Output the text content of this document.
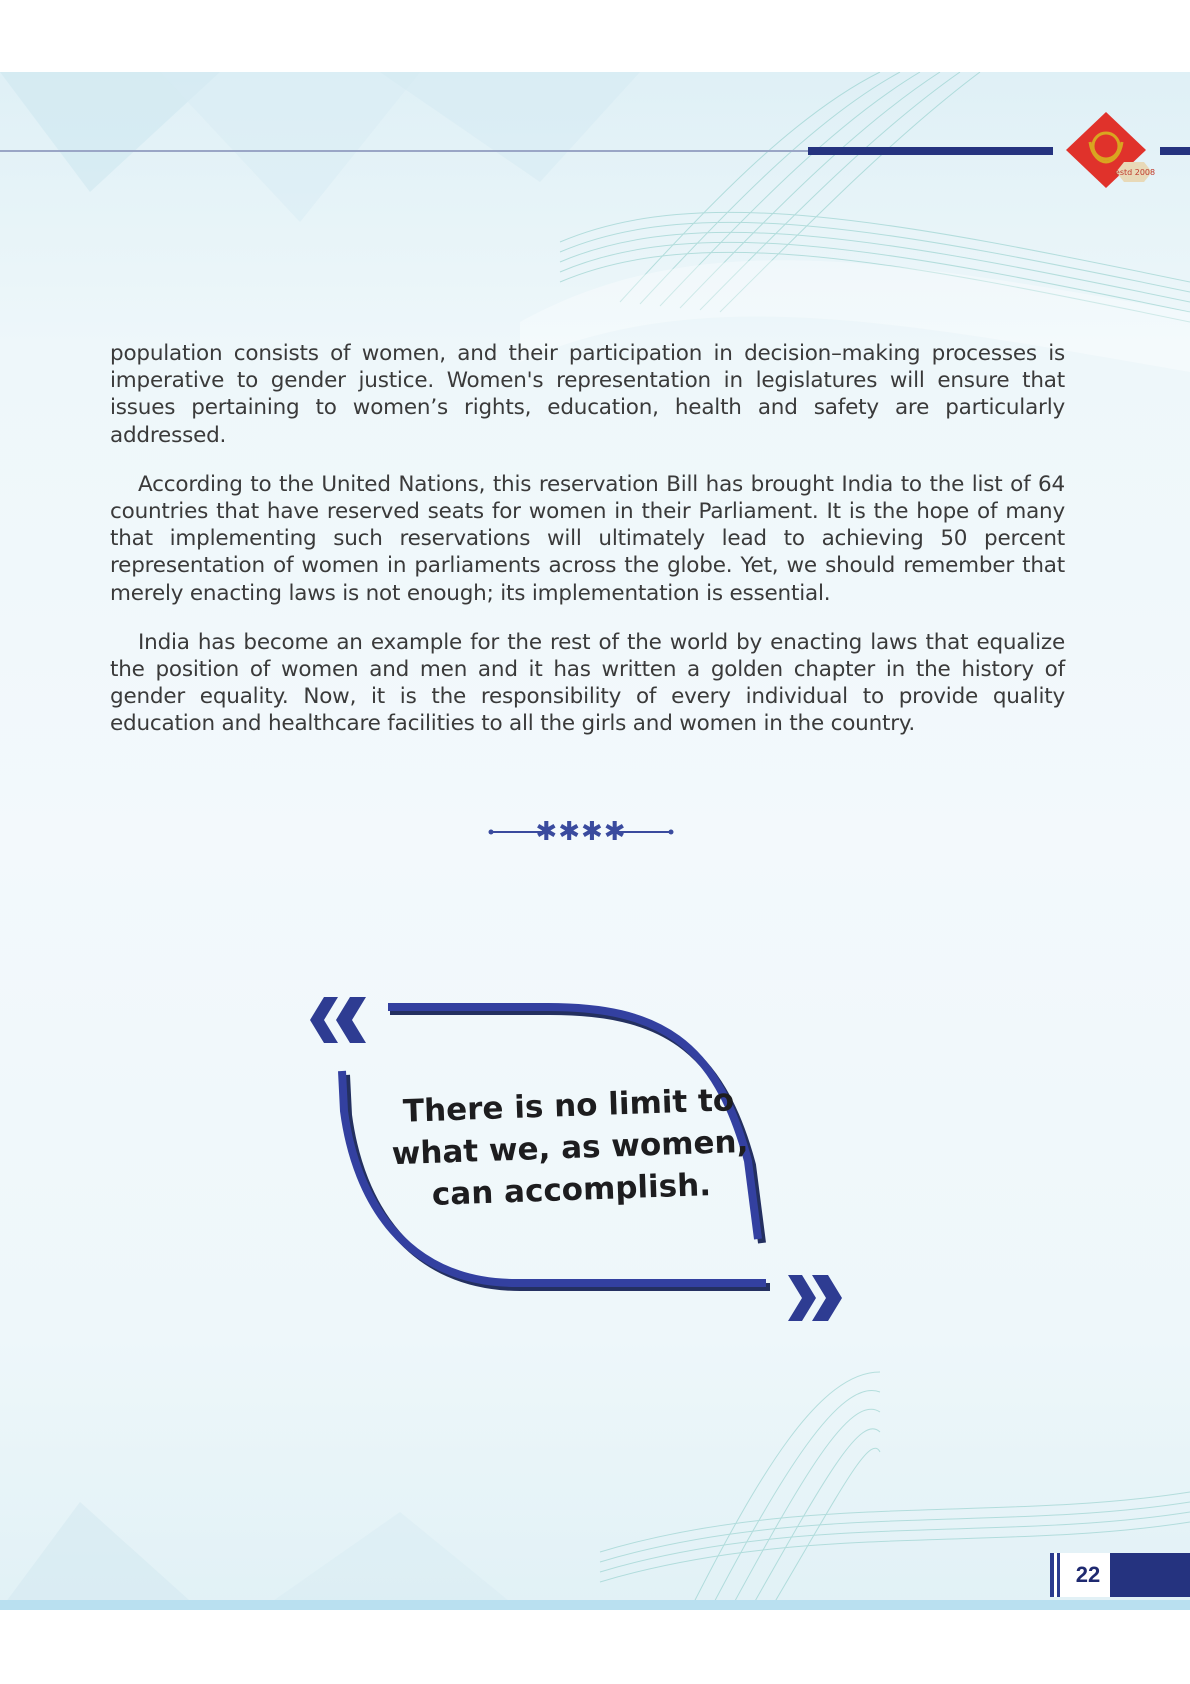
estd 2008

population consists of women, and their participation in decision–making processes is imperative to gender justice. Women's representation in legislatures will ensure that issues pertaining to women’s rights, education, health and safety are particularly addressed.

According to the United Nations, this reservation Bill has brought India to the list of 64 countries that have reserved seats for women in their Parliament. It is the hope of many that implementing such reservations will ultimately lead to achieving 50 percent representation of women in parliaments across the globe. Yet, we should remember that merely enacting laws is not enough; its implementation is essential.

India has become an example for the rest of the world by enacting laws that equalize the position of women and men and it has written a golden chapter in the history of gender equality. Now, it is the responsibility of every individual to provide quality education and healthcare facilities to all the girls and women in the country.

✱✱✱✱
There is no limit to
what we, as women,
can accomplish.
22
